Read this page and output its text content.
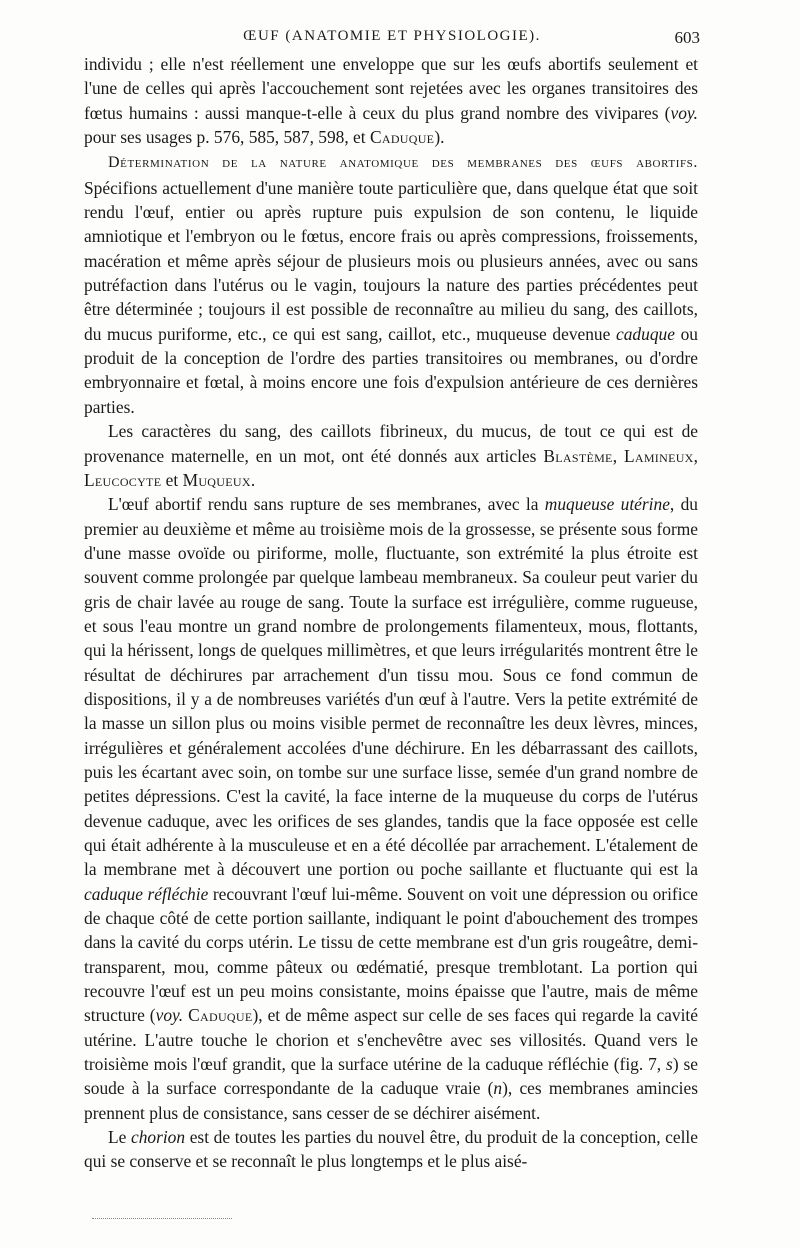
ŒUF (ANATOMIE ET PHYSIOLOGIE).	603

individu ; elle n'est réellement une enveloppe que sur les œufs abortifs seulement et l'une de celles qui après l'accouchement sont rejetées avec les organes transitoires des fœtus humains : aussi manque-t-elle à ceux du plus grand nombre des vivipares (voy. pour ses usages p. 576, 585, 587, 598, et Caduque).

Détermination de la nature anatomique des membranes des œufs abortifs. Spécifions actuellement d'une manière toute particulière que, dans quelque état que soit rendu l'œuf, entier ou après rupture puis expulsion de son contenu, le liquide amniotique et l'embryon ou le fœtus, encore frais ou après compressions, froissements, macération et même après séjour de plusieurs mois ou plusieurs années, avec ou sans putréfaction dans l'utérus ou le vagin, toujours la nature des parties précédentes peut être déterminée ; toujours il est possible de reconnaître au milieu du sang, des caillots, du mucus puriforme, etc., ce qui est sang, caillot, etc., muqueuse devenue caduque ou produit de la conception de l'ordre des parties transitoires ou membranes, ou d'ordre embryonnaire et fœtal, à moins encore une fois d'expulsion antérieure de ces dernières parties.

Les caractères du sang, des caillots fibrineux, du mucus, de tout ce qui est de provenance maternelle, en un mot, ont été donnés aux articles Blastème, Lamineux, Leucocyte et Muqueux.

L'œuf abortif rendu sans rupture de ses membranes, avec la muqueuse utérine, du premier au deuxième et même au troisième mois de la grossesse, se présente sous forme d'une masse ovoïde ou piriforme, molle, fluctuante, son extrémité la plus étroite est souvent comme prolongée par quelque lambeau membraneux. Sa couleur peut varier du gris de chair lavée au rouge de sang. Toute la surface est irrégulière, comme rugueuse, et sous l'eau montre un grand nombre de prolongements filamenteux, mous, flottants, qui la hérissent, longs de quelques millimètres, et que leurs irrégularités montrent être le résultat de déchirures par arrachement d'un tissu mou. Sous ce fond commun de dispositions, il y a de nombreuses variétés d'un œuf à l'autre. Vers la petite extrémité de la masse un sillon plus ou moins visible permet de reconnaître les deux lèvres, minces, irrégulières et généralement accolées d'une déchirure. En les débarrassant des caillots, puis les écartant avec soin, on tombe sur une surface lisse, semée d'un grand nombre de petites dépressions. C'est la cavité, la face interne de la muqueuse du corps de l'utérus devenue caduque, avec les orifices de ses glandes, tandis que la face opposée est celle qui était adhérente à la musculeuse et en a été décollée par arrachement. L'étalement de la membrane met à découvert une portion ou poche saillante et fluctuante qui est la caduque réfléchie recouvrant l'œuf lui-même. Souvent on voit une dépression ou orifice de chaque côté de cette portion saillante, indiquant le point d'abouchement des trompes dans la cavité du corps utérin. Le tissu de cette membrane est d'un gris rougeâtre, demi-transparent, mou, comme pâteux ou œdématié, presque tremblotant. La portion qui recouvre l'œuf est un peu moins consistante, moins épaisse que l'autre, mais de même structure (voy. Caduque), et de même aspect sur celle de ses faces qui regarde la cavité utérine. L'autre touche le chorion et s'enchevêtre avec ses villosités. Quand vers le troisième mois l'œuf grandit, que la surface utérine de la caduque réfléchie (fig. 7, s) se soude à la surface correspondante de la caduque vraie (n), ces membranes amincies prennent plus de consistance, sans cesser de se déchirer aisément.

Le chorion est de toutes les parties du nouvel être, du produit de la conception, celle qui se conserve et se reconnaît le plus longtemps et le plus aisé-
